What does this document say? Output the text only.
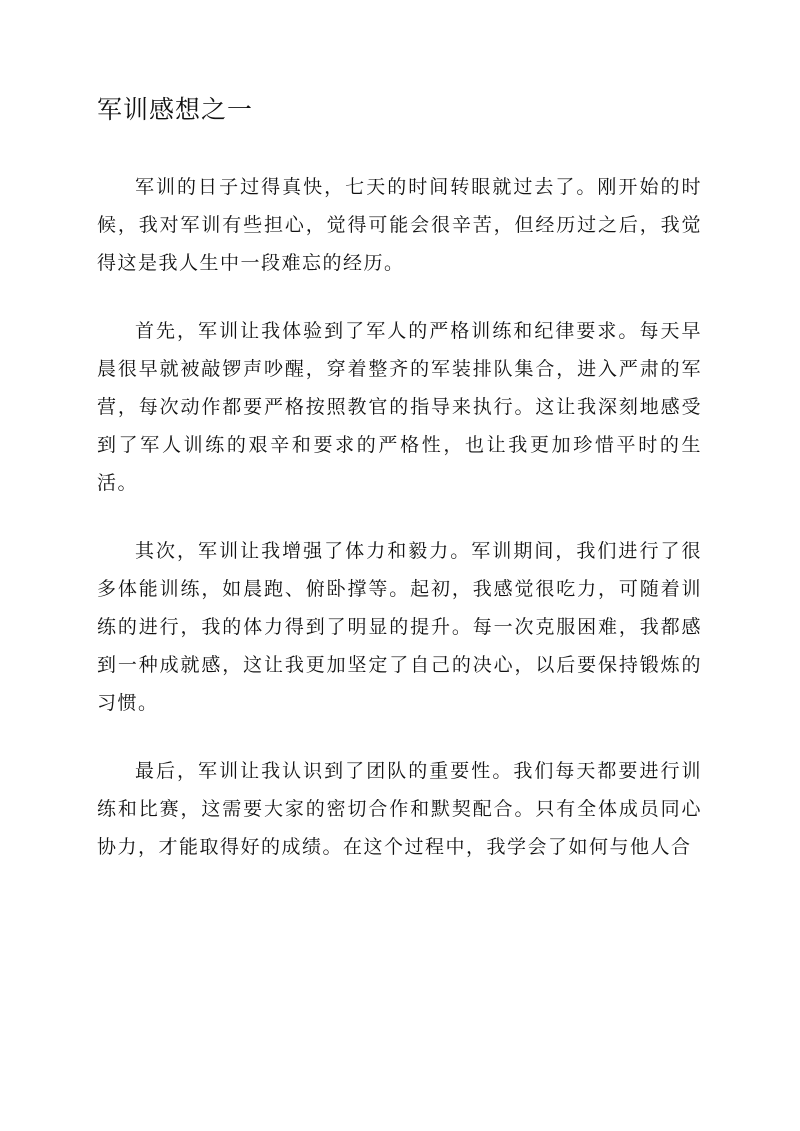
军训感想之一

军训的日子过得真快，七天的时间转眼就过去了。刚开始的时候，我对军训有些担心，觉得可能会很辛苦，但经历过之后，我觉得这是我人生中一段难忘的经历。

首先，军训让我体验到了军人的严格训练和纪律要求。每天早晨很早就被敲锣声吵醒，穿着整齐的军装排队集合，进入严肃的军营，每次动作都要严格按照教官的指导来执行。这让我深刻地感受到了军人训练的艰辛和要求的严格性，也让我更加珍惜平时的生活。

其次，军训让我增强了体力和毅力。军训期间，我们进行了很多体能训练，如晨跑、俯卧撑等。起初，我感觉很吃力，可随着训练的进行，我的体力得到了明显的提升。每一次克服困难，我都感到一种成就感，这让我更加坚定了自己的决心，以后要保持锻炼的习惯。

最后，军训让我认识到了团队的重要性。我们每天都要进行训练和比赛，这需要大家的密切合作和默契配合。只有全体成员同心协力，才能取得好的成绩。在这个过程中，我学会了如何与他人合
